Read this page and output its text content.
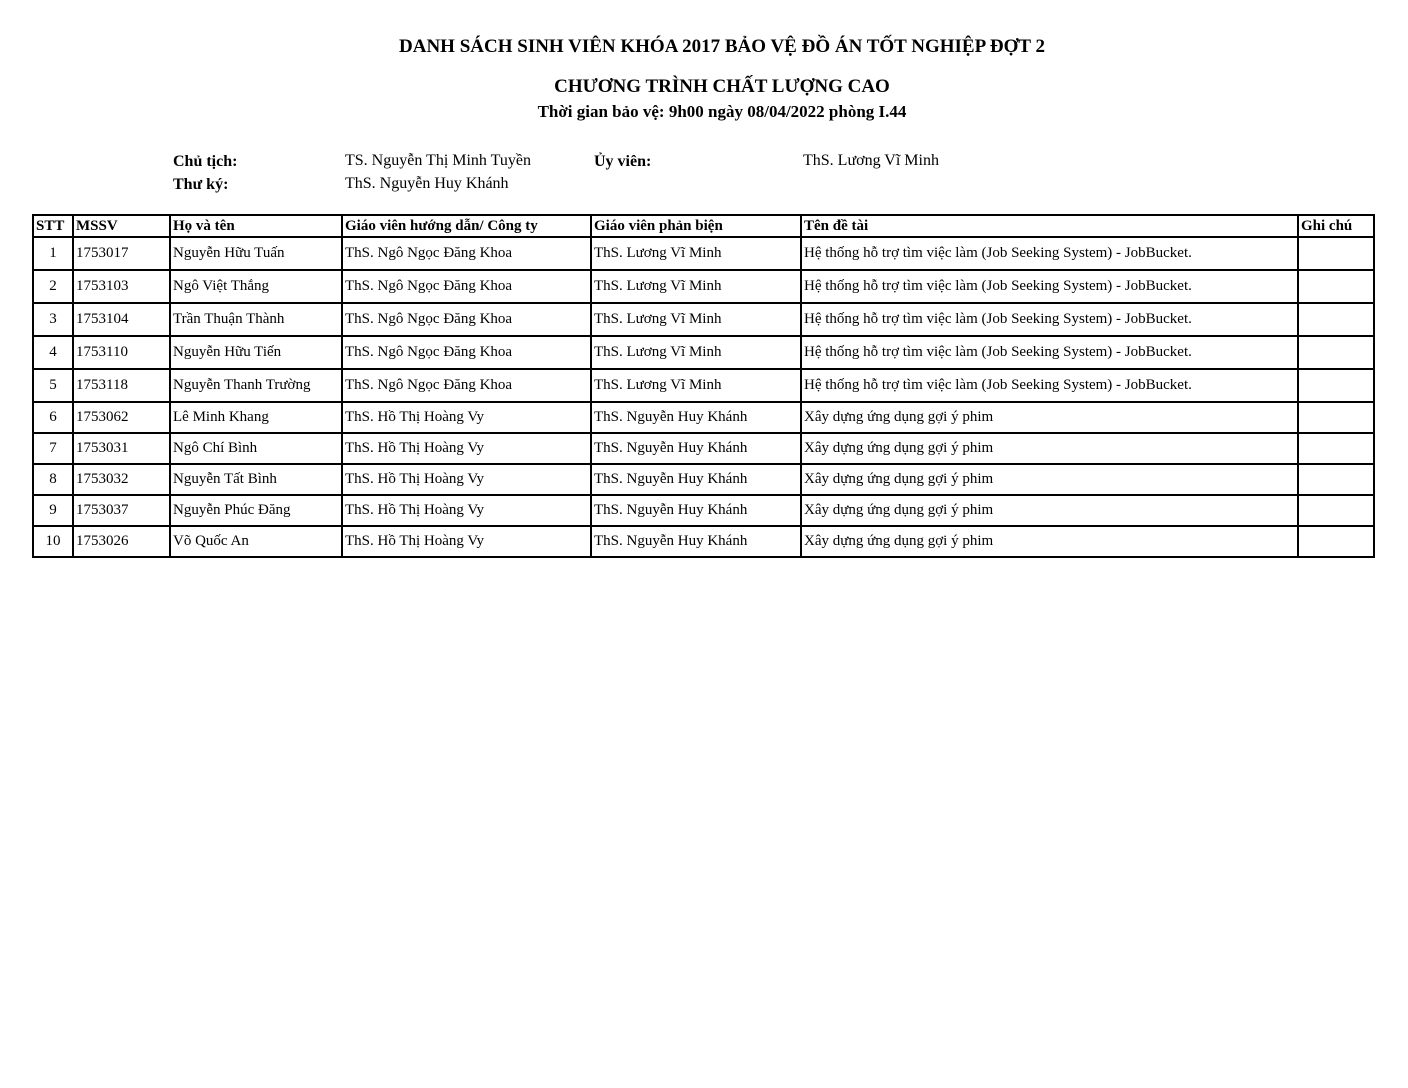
DANH SÁCH SINH VIÊN KHÓA 2017 BẢO VỆ ĐỒ ÁN TỐT NGHIỆP ĐỢT 2
CHƯƠNG TRÌNH CHẤT LƯỢNG CAO
Thời gian bảo vệ: 9h00 ngày 08/04/2022 phòng I.44
Chủ tịch:	TS. Nguyễn Thị Minh Tuyền	Ủy viên:	ThS. Lương Vĩ Minh
Thư ký:	ThS. Nguyễn Huy Khánh
STT	MSSV	Họ và tên	Giáo viên hướng dẫn/ Công ty	Giáo viên phản biện	Tên đề tài	Ghi chú
1	1753017	Nguyễn Hữu Tuấn	ThS. Ngô Ngọc Đăng Khoa	ThS. Lương Vĩ Minh	Hệ thống hỗ trợ tìm việc làm (Job Seeking System) - JobBucket.	
2	1753103	Ngô Việt Thắng	ThS. Ngô Ngọc Đăng Khoa	ThS. Lương Vĩ Minh	Hệ thống hỗ trợ tìm việc làm (Job Seeking System) - JobBucket.	
3	1753104	Trần Thuận Thành	ThS. Ngô Ngọc Đăng Khoa	ThS. Lương Vĩ Minh	Hệ thống hỗ trợ tìm việc làm (Job Seeking System) - JobBucket.	
4	1753110	Nguyễn Hữu Tiến	ThS. Ngô Ngọc Đăng Khoa	ThS. Lương Vĩ Minh	Hệ thống hỗ trợ tìm việc làm (Job Seeking System) - JobBucket.	
5	1753118	Nguyễn Thanh Trường	ThS. Ngô Ngọc Đăng Khoa	ThS. Lương Vĩ Minh	Hệ thống hỗ trợ tìm việc làm (Job Seeking System) - JobBucket.	
6	1753062	Lê Minh Khang	ThS. Hồ Thị Hoàng Vy	ThS. Nguyễn Huy Khánh	Xây dựng ứng dụng gợi ý phim	
7	1753031	Ngô Chí Bình	ThS. Hồ Thị Hoàng Vy	ThS. Nguyễn Huy Khánh	Xây dựng ứng dụng gợi ý phim	
8	1753032	Nguyễn Tất Bình	ThS. Hồ Thị Hoàng Vy	ThS. Nguyễn Huy Khánh	Xây dựng ứng dụng gợi ý phim	
9	1753037	Nguyễn Phúc Đăng	ThS. Hồ Thị Hoàng Vy	ThS. Nguyễn Huy Khánh	Xây dựng ứng dụng gợi ý phim	
10	1753026	Võ Quốc An	ThS. Hồ Thị Hoàng Vy	ThS. Nguyễn Huy Khánh	Xây dựng ứng dụng gợi ý phim	
